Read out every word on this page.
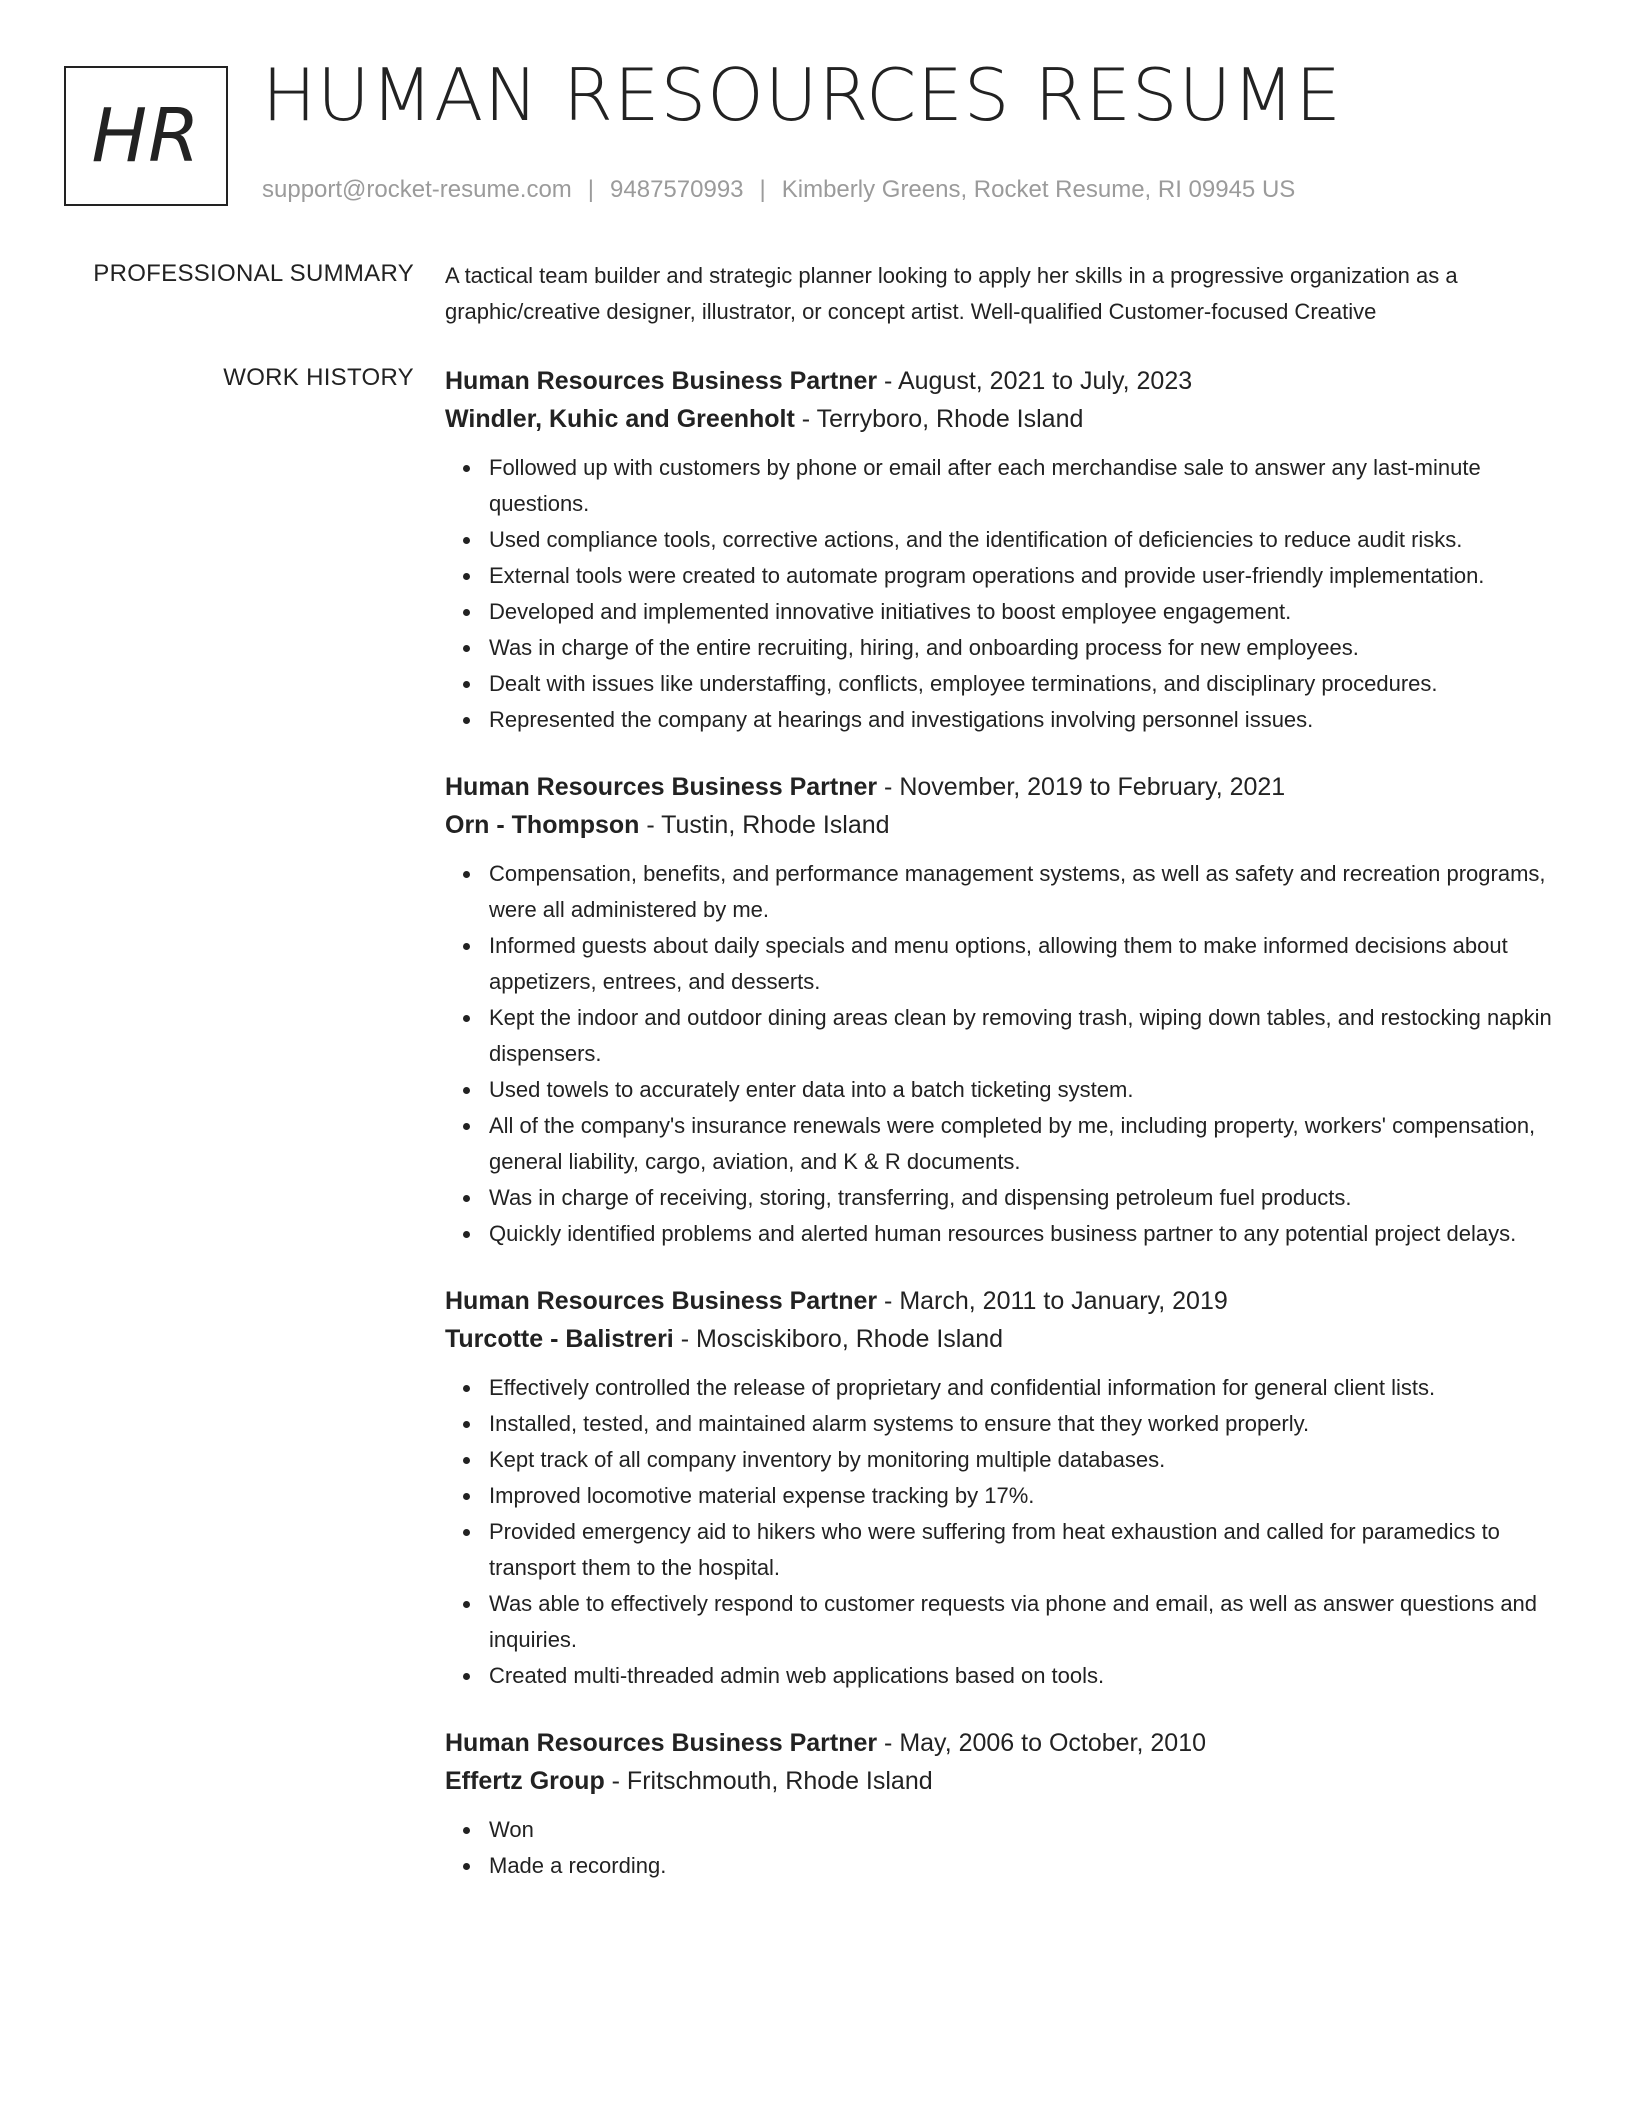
HR HUMAN RESOURCES RESUME
support@rocket-resume.com | 9487570993 | Kimberly Greens, Rocket Resume, RI 09945 US
PROFESSIONAL SUMMARY A tactical team builder and strategic planner looking to apply her skills in a progressive organization as a graphic/creative designer, illustrator, or concept artist. Well-qualified Customer-focused Creative

WORK HISTORY Human Resources Business Partner - August, 2021 to July, 2023
Windler, Kuhic and Greenholt - Terryboro, Rhode Island
Followed up with customers by phone or email after each merchandise sale to answer any last-minute questions.
Used compliance tools, corrective actions, and the identification of deficiencies to reduce audit risks.
External tools were created to automate program operations and provide user-friendly implementation.
Developed and implemented innovative initiatives to boost employee engagement.
Was in charge of the entire recruiting, hiring, and onboarding process for new employees.
Dealt with issues like understaffing, conflicts, employee terminations, and disciplinary procedures.
Represented the company at hearings and investigations involving personnel issues.
Human Resources Business Partner - November, 2019 to February, 2021
Orn - Thompson - Tustin, Rhode Island
Compensation, benefits, and performance management systems, as well as safety and recreation programs, were all administered by me.
Informed guests about daily specials and menu options, allowing them to make informed decisions about appetizers, entrees, and desserts.
Kept the indoor and outdoor dining areas clean by removing trash, wiping down tables, and restocking napkin dispensers.
Used towels to accurately enter data into a batch ticketing system.
All of the company's insurance renewals were completed by me, including property, workers' compensation, general liability, cargo, aviation, and K & R documents.
Was in charge of receiving, storing, transferring, and dispensing petroleum fuel products.
Quickly identified problems and alerted human resources business partner to any potential project delays.
Human Resources Business Partner - March, 2011 to January, 2019
Turcotte - Balistreri - Mosciskiboro, Rhode Island
Effectively controlled the release of proprietary and confidential information for general client lists.
Installed, tested, and maintained alarm systems to ensure that they worked properly.
Kept track of all company inventory by monitoring multiple databases.
Improved locomotive material expense tracking by 17%.
Provided emergency aid to hikers who were suffering from heat exhaustion and called for paramedics to transport them to the hospital.
Was able to effectively respond to customer requests via phone and email, as well as answer questions and inquiries.
Created multi-threaded admin web applications based on tools.
Human Resources Business Partner - May, 2006 to October, 2010
Effertz Group - Fritschmouth, Rhode Island
Won
Made a recording.
